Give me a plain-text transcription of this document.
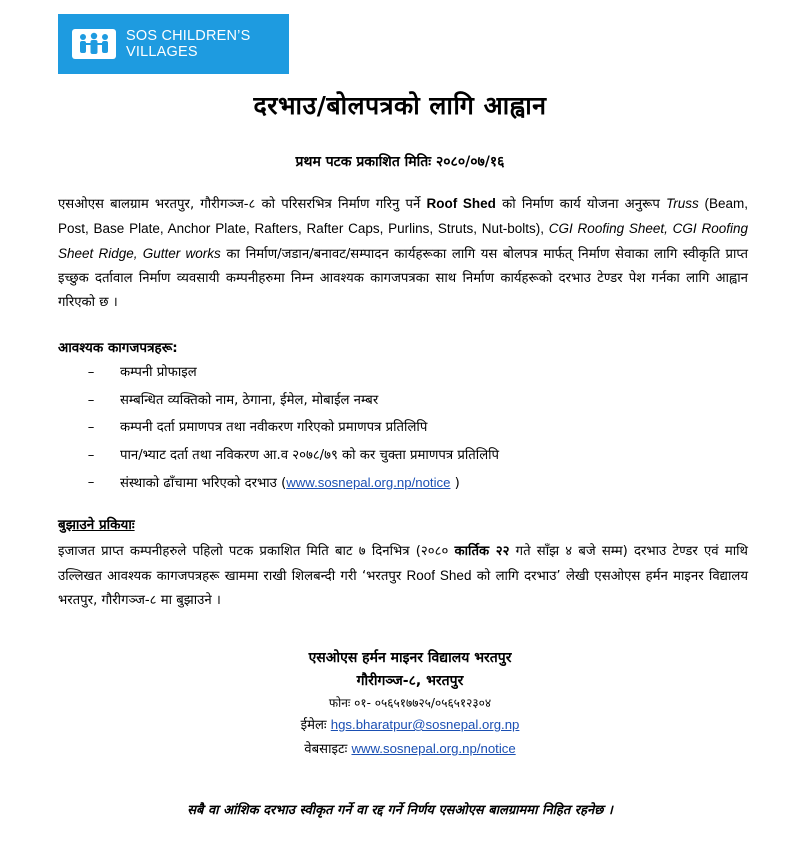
SOS CHILDREN’S
VILLAGES
दरभाउ/बोलपत्रको लागि आह्वान
प्रथम पटक प्रकाशित मितिः २०८०/०७/१६
एसओएस बालग्राम भरतपुर, गौरीगञ्ज-८ को परिसरभित्र निर्माण गरिनु पर्ने Roof Shed को निर्माण कार्य योजना अनुरूप Truss (Beam, Post, Base Plate, Anchor Plate, Rafters, Rafter Caps, Purlins, Struts, Nut-bolts), CGI Roofing Sheet, CGI Roofing Sheet Ridge, Gutter works का निर्माण/जडान/बनावट/सम्पादन कार्यहरूका लागि यस बोलपत्र मार्फत् निर्माण सेवाका लागि स्वीकृति प्राप्त इच्छुक दर्तावाल निर्माण व्यवसायी कम्पनीहरुमा निम्न आवश्यक कागजपत्रका साथ निर्माण कार्यहरूको दरभाउ टेण्डर पेश गर्नका लागि आह्वान गरिएको छ ।
आवश्यक कागजपत्रहरू:
–	कम्पनी प्रोफाइल
–	सम्बन्धित व्यक्तिको नाम, ठेगाना, ईमेल, मोबाईल नम्बर
–	कम्पनी दर्ता प्रमाणपत्र तथा नवीकरण गरिएको प्रमाणपत्र प्रतिलिपि
–	पान/भ्याट दर्ता तथा नविकरण आ.व २०७८/७९ को कर चुक्ता प्रमाणपत्र प्रतिलिपि
–	संस्थाको ढाँचामा भरिएको दरभाउ (www.sosnepal.org.np/notice )
बुझाउने प्रकियाः
इजाजत प्राप्त कम्पनीहरुले पहिलो पटक प्रकाशित मिति बाट ७ दिनभित्र (२०८० कार्तिक २२ गते साँझ ४ बजे सम्म) दरभाउ टेण्डर एवं माथि उल्लिखत आवश्यक कागजपत्रहरू खाममा राखी शिलबन्दी गरी ‘भरतपुर Roof Shed को लागि दरभाउ’ लेखी एसओएस हर्मन माइनर विद्यालय भरतपुर, गौरीगञ्ज-८ मा बुझाउने ।
एसओएस हर्मन माइनर विद्यालय भरतपुर
गौरीगञ्ज-८, भरतपुर
फोनः ०१- ०५६५१७७२५/०५६५१२३०४
ईमेलः hgs.bharatpur@sosnepal.org.np
वेबसाइटः www.sosnepal.org.np/notice
सबै वा आंशिक दरभाउ स्वीकृत गर्ने वा रद्द गर्ने निर्णय एसओएस बालग्राममा निहित रहनेछ ।
